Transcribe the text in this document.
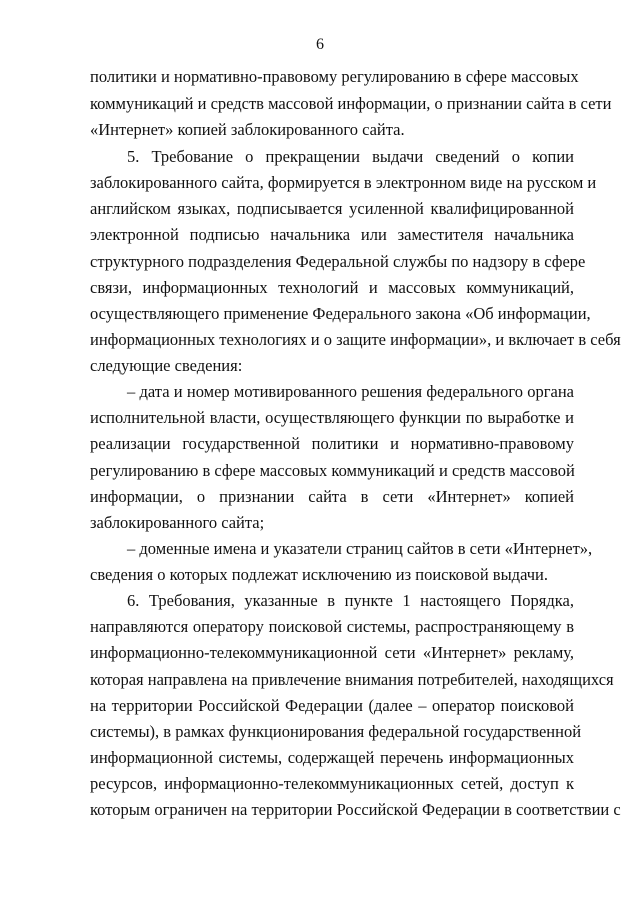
6
политики и нормативно-правовому регулированию в сфере массовых
коммуникаций и средств массовой информации, о признании сайта в сети
«Интернет» копией заблокированного сайта.
5. Требование о прекращении выдачи сведений о копии
заблокированного сайта, формируется в электронном виде на русском и
английском языках, подписывается усиленной квалифицированной
электронной подписью начальника или заместителя начальника
структурного подразделения Федеральной службы по надзору в сфере
связи, информационных технологий и массовых коммуникаций,
осуществляющего применение Федерального закона «Об информации,
информационных технологиях и о защите информации», и включает в себя
следующие сведения:
– дата и номер мотивированного решения федерального органа
исполнительной власти, осуществляющего функции по выработке и
реализации государственной политики и нормативно-правовому
регулированию в сфере массовых коммуникаций и средств массовой
информации, о признании сайта в сети «Интернет» копией
заблокированного сайта;
– доменные имена и указатели страниц сайтов в сети «Интернет»,
сведения о которых подлежат исключению из поисковой выдачи.
6. Требования, указанные в пункте 1 настоящего Порядка,
направляются оператору поисковой системы, распространяющему в
информационно-телекоммуникационной сети «Интернет» рекламу,
которая направлена на привлечение внимания потребителей, находящихся
на территории Российской Федерации (далее – оператор поисковой
системы), в рамках функционирования федеральной государственной
информационной системы, содержащей перечень информационных
ресурсов, информационно-телекоммуникационных сетей, доступ к
которым ограничен на территории Российской Федерации в соответствии с
